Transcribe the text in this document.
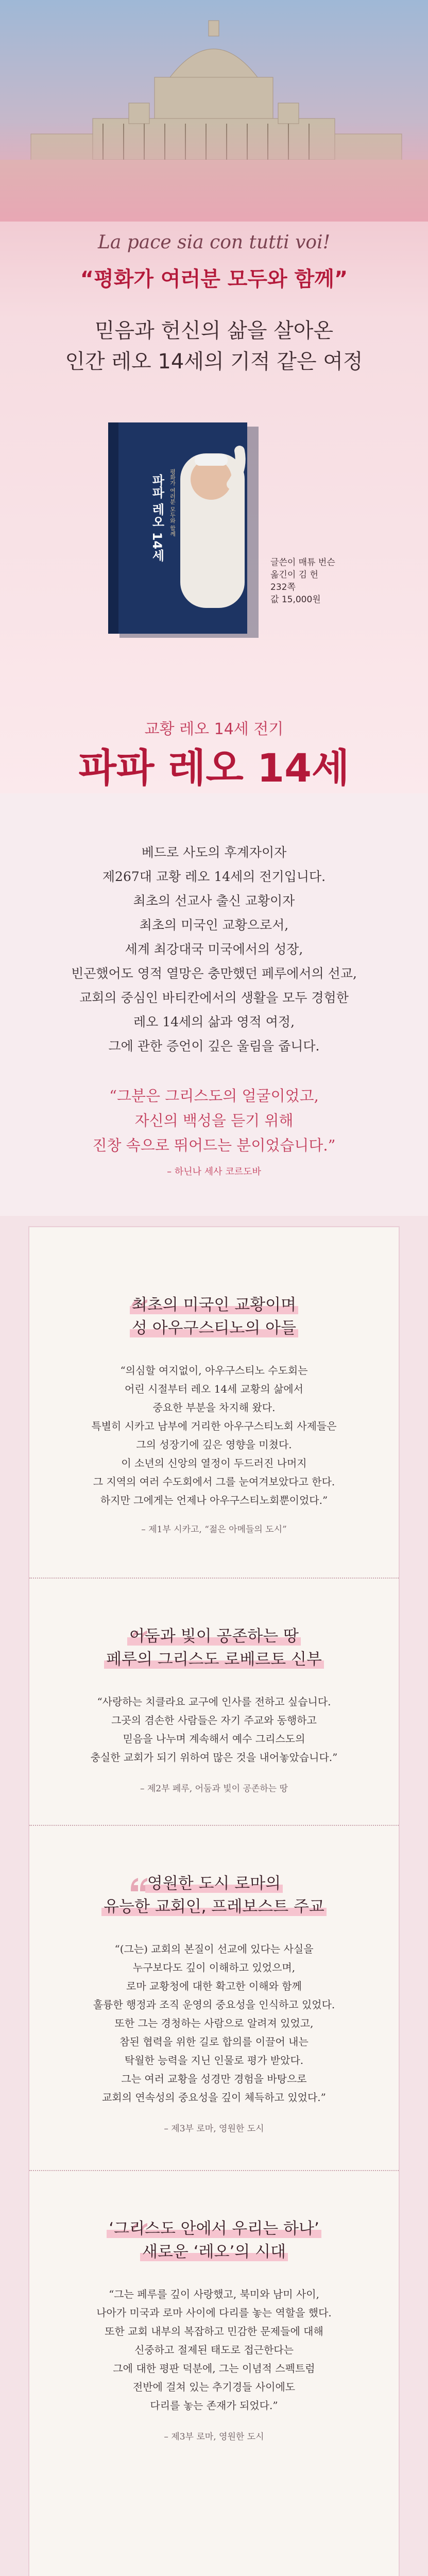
La pace sia con tutti voi!
“평화가 여러분 모두와 함께”
믿음과 헌신의 삶을 살아온
인간 레오 14세의 기적 같은 여정
파파 레오 14세 평화가 여러분 모두와 함께
글쓴이 매튜 번슨
옮긴이 김 헌
232쪽
값 15,000원
교황 레오 14세 전기
파파 레오 14세
베드로 사도의 후계자이자
제267대 교황 레오 14세의 전기입니다.
최초의 선교사 출신 교황이자
최초의 미국인 교황으로서,
세계 최강대국 미국에서의 성장,
빈곤했어도 영적 열망은 충만했던 페루에서의 선교,
교회의 중심인 바티칸에서의 생활을 모두 경험한
레오 14세의 삶과 영적 여정,
그에 관한 증언이 깊은 울림을 줍니다.
“그분은 그리스도의 얼굴이었고,
자신의 백성을 듣기 위해
진창 속으로 뛰어드는 분이었습니다.”
– 하닌나 세사 코르도바
최초의 미국인 교황이며
성 아우구스티노의 아들
“의심할 여지없이, 아우구스티노 수도회는
어린 시절부터 레오 14세 교황의 삶에서
중요한 부분을 차지해 왔다.
특별히 시카고 남부에 거리한 아우구스티노회 사제들은
그의 성장기에 깊은 영향을 미쳤다.
이 소년의 신앙의 열정이 두드러진 나머지
그 지역의 여러 수도회에서 그를 눈여겨보았다고 한다.
하지만 그에게는 언제나 아우구스티노회뿐이었다.”
– 제1부 시카고, “젊은 아메들의 도시”
어둠과 빛이 공존하는 땅
페루의 그리스도 로베르토 신부
“사랑하는 치클라요 교구에 인사를 전하고 싶습니다.
그곳의 겸손한 사람들은 자기 주교와 동행하고
믿음을 나누며 계속해서 예수 그리스도의
충실한 교회가 되기 위하여 많은 것을 내어놓았습니다.”
– 제2부 페루, 어둠과 빛이 공존하는 땅
영원한 도시 로마의
유능한 교회인, 프레보스트 주교
“(그는) 교회의 본질이 선교에 있다는 사실을
누구보다도 깊이 이해하고 있었으며,
로마 교황청에 대한 확고한 이해와 함께
훌륭한 행정과 조직 운영의 중요성을 인식하고 있었다.
또한 그는 경청하는 사람으로 알려져 있었고,
참된 협력을 위한 길로 합의를 이끌어 내는
탁월한 능력을 지닌 인물로 평가 받았다.
그는 여러 교황을 성경만 경험을 바탕으로
교회의 연속성의 중요성을 깊이 체득하고 있었다.”
– 제3부 로마, 영원한 도시
‘그리스도 안에서 우리는 하나’
새로운 ‘레오’의 시대
“그는 페루를 깊이 사랑했고, 북미와 남미 사이,
나아가 미국과 로마 사이에 다리를 놓는 역할을 했다.
또한 교회 내부의 복잡하고 민감한 문제들에 대해
신중하고 절제된 태도로 접근한다는
그에 대한 평판 덕분에, 그는 이념적 스펙트럼
전반에 걸쳐 있는 추기경들 사이에도
다리를 놓는 존재가 되었다.”
– 제3부 로마, 영원한 도시
